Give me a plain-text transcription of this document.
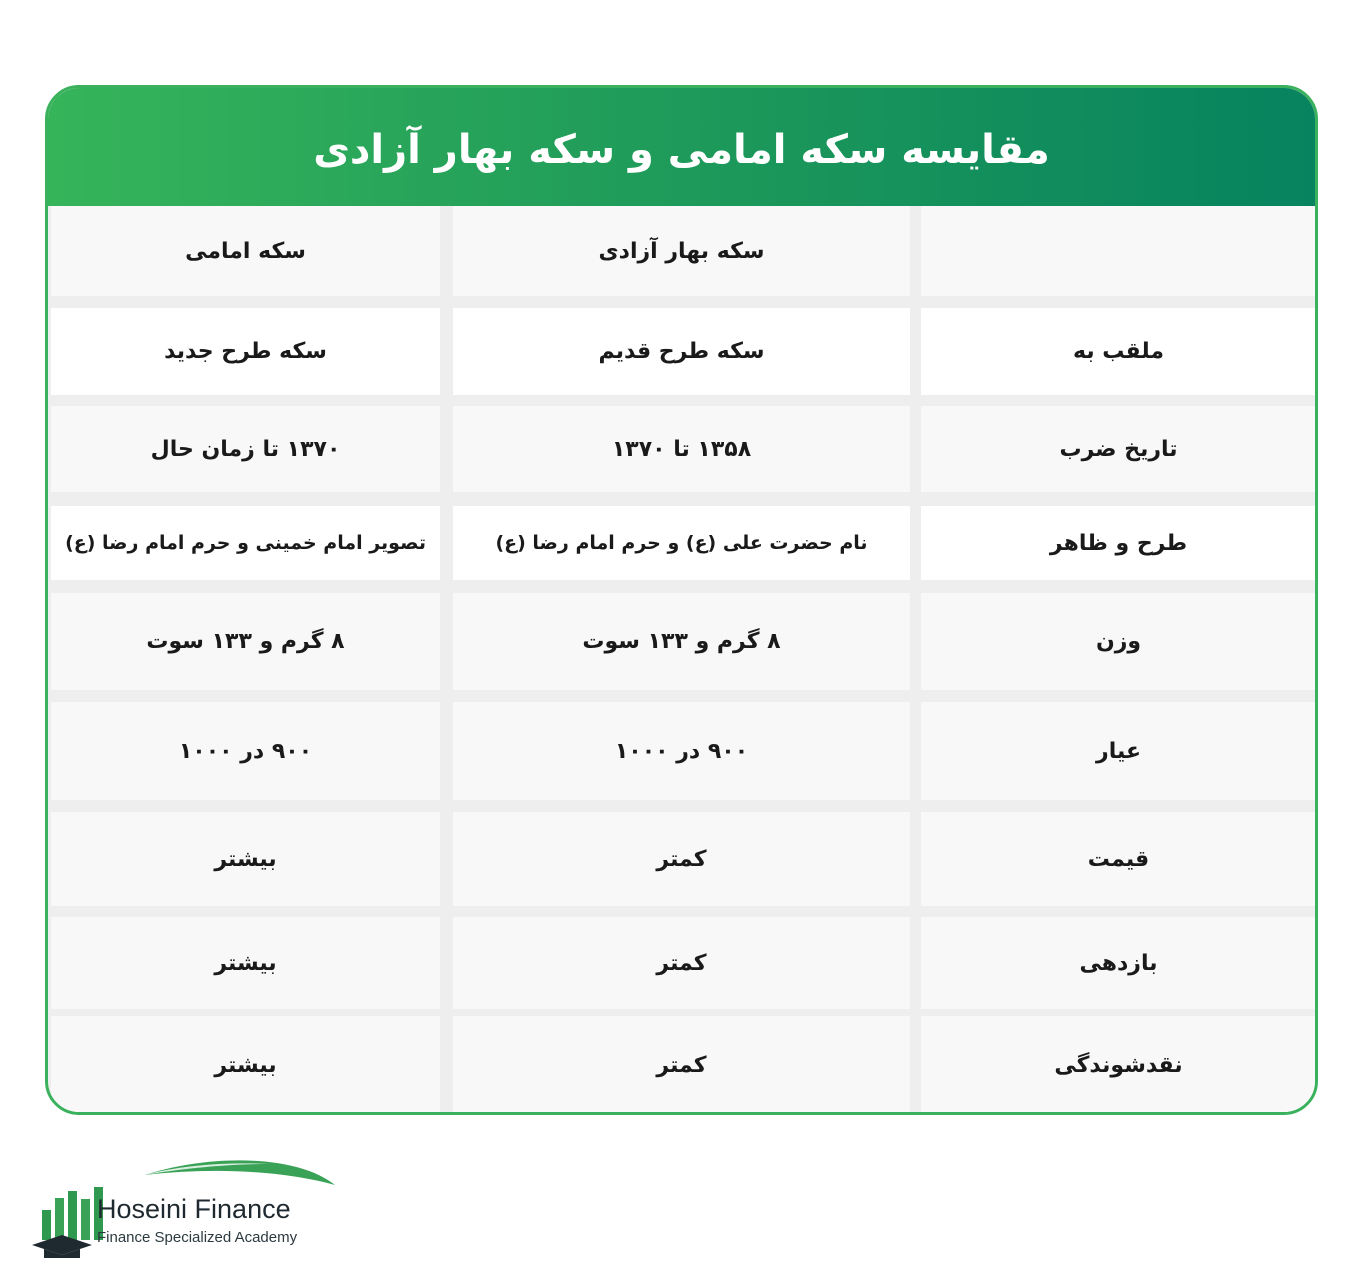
مقایسه سکه امامی و سکه بهار آزادی
سکه بهار آزادی
سکه امامی
ملقب به
سکه طرح قدیم
سکه طرح جدید
تاریخ ضرب
۱۳۵۸ تا ۱۳۷۰
۱۳۷۰ تا زمان حال
طرح و ظاهر
نام حضرت علی (ع) و حرم امام رضا (ع)
تصویر امام خمینی و حرم امام رضا (ع)
وزن
۸ گرم و ۱۳۳ سوت
۸ گرم و ۱۳۳ سوت
عیار
۹۰۰ در ۱۰۰۰
۹۰۰ در ۱۰۰۰
قیمت
کمتر
بیشتر
بازدهی
کمتر
بیشتر
نقدشوندگی
کمتر
بیشتر
Hoseini Finance
Finance Specialized Academy
